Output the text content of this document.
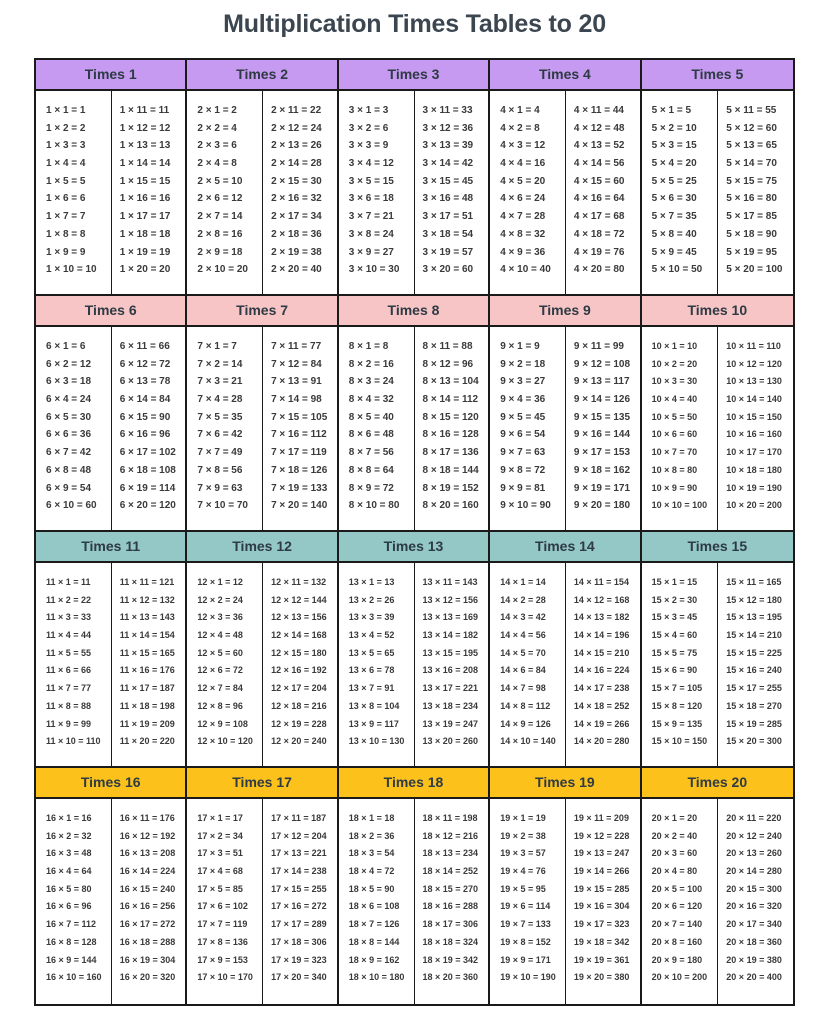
Multiplication Times Tables to 20
Times 1
1 × 1 = 1
1 × 2 = 2
1 × 3 = 3
1 × 4 = 4
1 × 5 = 5
1 × 6 = 6
1 × 7 = 7
1 × 8 = 8
1 × 9 = 9
1 × 10 = 10
1 × 11 = 11
1 × 12 = 12
1 × 13 = 13
1 × 14 = 14
1 × 15 = 15
1 × 16 = 16
1 × 17 = 17
1 × 18 = 18
1 × 19 = 19
1 × 20 = 20
Times 2
2 × 1 = 2
2 × 2 = 4
2 × 3 = 6
2 × 4 = 8
2 × 5 = 10
2 × 6 = 12
2 × 7 = 14
2 × 8 = 16
2 × 9 = 18
2 × 10 = 20
2 × 11 = 22
2 × 12 = 24
2 × 13 = 26
2 × 14 = 28
2 × 15 = 30
2 × 16 = 32
2 × 17 = 34
2 × 18 = 36
2 × 19 = 38
2 × 20 = 40
Times 3
3 × 1 = 3
3 × 2 = 6
3 × 3 = 9
3 × 4 = 12
3 × 5 = 15
3 × 6 = 18
3 × 7 = 21
3 × 8 = 24
3 × 9 = 27
3 × 10 = 30
3 × 11 = 33
3 × 12 = 36
3 × 13 = 39
3 × 14 = 42
3 × 15 = 45
3 × 16 = 48
3 × 17 = 51
3 × 18 = 54
3 × 19 = 57
3 × 20 = 60
Times 4
4 × 1 = 4
4 × 2 = 8
4 × 3 = 12
4 × 4 = 16
4 × 5 = 20
4 × 6 = 24
4 × 7 = 28
4 × 8 = 32
4 × 9 = 36
4 × 10 = 40
4 × 11 = 44
4 × 12 = 48
4 × 13 = 52
4 × 14 = 56
4 × 15 = 60
4 × 16 = 64
4 × 17 = 68
4 × 18 = 72
4 × 19 = 76
4 × 20 = 80
Times 5
5 × 1 = 5
5 × 2 = 10
5 × 3 = 15
5 × 4 = 20
5 × 5 = 25
5 × 6 = 30
5 × 7 = 35
5 × 8 = 40
5 × 9 = 45
5 × 10 = 50
5 × 11 = 55
5 × 12 = 60
5 × 13 = 65
5 × 14 = 70
5 × 15 = 75
5 × 16 = 80
5 × 17 = 85
5 × 18 = 90
5 × 19 = 95
5 × 20 = 100
Times 6
6 × 1 = 6
6 × 2 = 12
6 × 3 = 18
6 × 4 = 24
6 × 5 = 30
6 × 6 = 36
6 × 7 = 42
6 × 8 = 48
6 × 9 = 54
6 × 10 = 60
6 × 11 = 66
6 × 12 = 72
6 × 13 = 78
6 × 14 = 84
6 × 15 = 90
6 × 16 = 96
6 × 17 = 102
6 × 18 = 108
6 × 19 = 114
6 × 20 = 120
Times 7
7 × 1 = 7
7 × 2 = 14
7 × 3 = 21
7 × 4 = 28
7 × 5 = 35
7 × 6 = 42
7 × 7 = 49
7 × 8 = 56
7 × 9 = 63
7 × 10 = 70
7 × 11 = 77
7 × 12 = 84
7 × 13 = 91
7 × 14 = 98
7 × 15 = 105
7 × 16 = 112
7 × 17 = 119
7 × 18 = 126
7 × 19 = 133
7 × 20 = 140
Times 8
8 × 1 = 8
8 × 2 = 16
8 × 3 = 24
8 × 4 = 32
8 × 5 = 40
8 × 6 = 48
8 × 7 = 56
8 × 8 = 64
8 × 9 = 72
8 × 10 = 80
8 × 11 = 88
8 × 12 = 96
8 × 13 = 104
8 × 14 = 112
8 × 15 = 120
8 × 16 = 128
8 × 17 = 136
8 × 18 = 144
8 × 19 = 152
8 × 20 = 160
Times 9
9 × 1 = 9
9 × 2 = 18
9 × 3 = 27
9 × 4 = 36
9 × 5 = 45
9 × 6 = 54
9 × 7 = 63
9 × 8 = 72
9 × 9 = 81
9 × 10 = 90
9 × 11 = 99
9 × 12 = 108
9 × 13 = 117
9 × 14 = 126
9 × 15 = 135
9 × 16 = 144
9 × 17 = 153
9 × 18 = 162
9 × 19 = 171
9 × 20 = 180
Times 10
10 × 1 = 10
10 × 2 = 20
10 × 3 = 30
10 × 4 = 40
10 × 5 = 50
10 × 6 = 60
10 × 7 = 70
10 × 8 = 80
10 × 9 = 90
10 × 10 = 100
10 × 11 = 110
10 × 12 = 120
10 × 13 = 130
10 × 14 = 140
10 × 15 = 150
10 × 16 = 160
10 × 17 = 170
10 × 18 = 180
10 × 19 = 190
10 × 20 = 200
Times 11
11 × 1 = 11
11 × 2 = 22
11 × 3 = 33
11 × 4 = 44
11 × 5 = 55
11 × 6 = 66
11 × 7 = 77
11 × 8 = 88
11 × 9 = 99
11 × 10 = 110
11 × 11 = 121
11 × 12 = 132
11 × 13 = 143
11 × 14 = 154
11 × 15 = 165
11 × 16 = 176
11 × 17 = 187
11 × 18 = 198
11 × 19 = 209
11 × 20 = 220
Times 12
12 × 1 = 12
12 × 2 = 24
12 × 3 = 36
12 × 4 = 48
12 × 5 = 60
12 × 6 = 72
12 × 7 = 84
12 × 8 = 96
12 × 9 = 108
12 × 10 = 120
12 × 11 = 132
12 × 12 = 144
12 × 13 = 156
12 × 14 = 168
12 × 15 = 180
12 × 16 = 192
12 × 17 = 204
12 × 18 = 216
12 × 19 = 228
12 × 20 = 240
Times 13
13 × 1 = 13
13 × 2 = 26
13 × 3 = 39
13 × 4 = 52
13 × 5 = 65
13 × 6 = 78
13 × 7 = 91
13 × 8 = 104
13 × 9 = 117
13 × 10 = 130
13 × 11 = 143
13 × 12 = 156
13 × 13 = 169
13 × 14 = 182
13 × 15 = 195
13 × 16 = 208
13 × 17 = 221
13 × 18 = 234
13 × 19 = 247
13 × 20 = 260
Times 14
14 × 1 = 14
14 × 2 = 28
14 × 3 = 42
14 × 4 = 56
14 × 5 = 70
14 × 6 = 84
14 × 7 = 98
14 × 8 = 112
14 × 9 = 126
14 × 10 = 140
14 × 11 = 154
14 × 12 = 168
14 × 13 = 182
14 × 14 = 196
14 × 15 = 210
14 × 16 = 224
14 × 17 = 238
14 × 18 = 252
14 × 19 = 266
14 × 20 = 280
Times 15
15 × 1 = 15
15 × 2 = 30
15 × 3 = 45
15 × 4 = 60
15 × 5 = 75
15 × 6 = 90
15 × 7 = 105
15 × 8 = 120
15 × 9 = 135
15 × 10 = 150
15 × 11 = 165
15 × 12 = 180
15 × 13 = 195
15 × 14 = 210
15 × 15 = 225
15 × 16 = 240
15 × 17 = 255
15 × 18 = 270
15 × 19 = 285
15 × 20 = 300
Times 16
16 × 1 = 16
16 × 2 = 32
16 × 3 = 48
16 × 4 = 64
16 × 5 = 80
16 × 6 = 96
16 × 7 = 112
16 × 8 = 128
16 × 9 = 144
16 × 10 = 160
16 × 11 = 176
16 × 12 = 192
16 × 13 = 208
16 × 14 = 224
16 × 15 = 240
16 × 16 = 256
16 × 17 = 272
16 × 18 = 288
16 × 19 = 304
16 × 20 = 320
Times 17
17 × 1 = 17
17 × 2 = 34
17 × 3 = 51
17 × 4 = 68
17 × 5 = 85
17 × 6 = 102
17 × 7 = 119
17 × 8 = 136
17 × 9 = 153
17 × 10 = 170
17 × 11 = 187
17 × 12 = 204
17 × 13 = 221
17 × 14 = 238
17 × 15 = 255
17 × 16 = 272
17 × 17 = 289
17 × 18 = 306
17 × 19 = 323
17 × 20 = 340
Times 18
18 × 1 = 18
18 × 2 = 36
18 × 3 = 54
18 × 4 = 72
18 × 5 = 90
18 × 6 = 108
18 × 7 = 126
18 × 8 = 144
18 × 9 = 162
18 × 10 = 180
18 × 11 = 198
18 × 12 = 216
18 × 13 = 234
18 × 14 = 252
18 × 15 = 270
18 × 16 = 288
18 × 17 = 306
18 × 18 = 324
18 × 19 = 342
18 × 20 = 360
Times 19
19 × 1 = 19
19 × 2 = 38
19 × 3 = 57
19 × 4 = 76
19 × 5 = 95
19 × 6 = 114
19 × 7 = 133
19 × 8 = 152
19 × 9 = 171
19 × 10 = 190
19 × 11 = 209
19 × 12 = 228
19 × 13 = 247
19 × 14 = 266
19 × 15 = 285
19 × 16 = 304
19 × 17 = 323
19 × 18 = 342
19 × 19 = 361
19 × 20 = 380
Times 20
20 × 1 = 20
20 × 2 = 40
20 × 3 = 60
20 × 4 = 80
20 × 5 = 100
20 × 6 = 120
20 × 7 = 140
20 × 8 = 160
20 × 9 = 180
20 × 10 = 200
20 × 11 = 220
20 × 12 = 240
20 × 13 = 260
20 × 14 = 280
20 × 15 = 300
20 × 16 = 320
20 × 17 = 340
20 × 18 = 360
20 × 19 = 380
20 × 20 = 400
